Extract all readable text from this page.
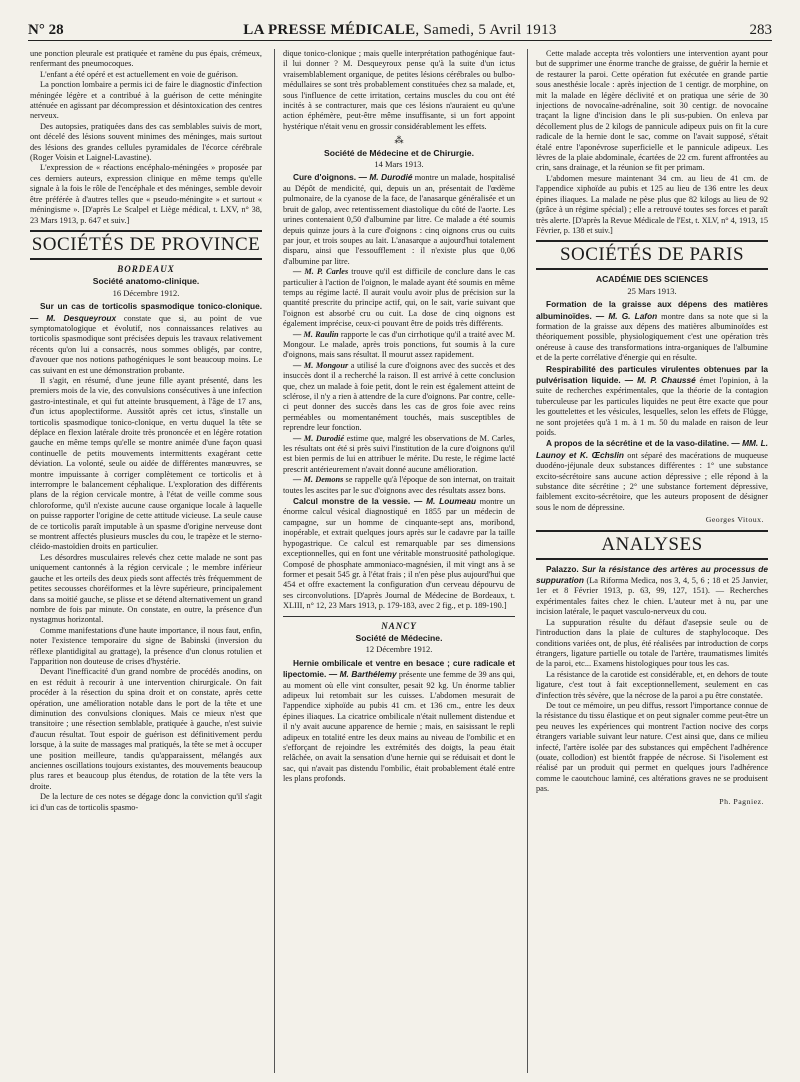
N° 28	LA PRESSE MÉDICALE, Samedi, 5 Avril 1913	283

une ponction pleurale est pratiquée et ramène du pus épais, crémeux, renfermant des pneumocoques.

L'enfant a été opéré et est actuellement en voie de guérison.

La ponction lombaire a permis ici de faire le diagnostic d'infection méningée légère et a contribué à la guérison de cette méningite atténuée en agissant par décompression et désintoxication des centres nerveux.

Des autopsies, pratiquées dans des cas semblables suivis de mort, ont décelé des lésions souvent minimes des méninges, mais surtout des lésions des grandes cellules pyramidales de l'écorce cérébrale (Roger Voisin et Laignel-Lavastine).

L'expression de « réactions encéphalo-méningées » proposée par ces derniers auteurs, expression clinique en même temps qu'elle signale à la fois le rôle de l'encéphale et des méninges, semble devoir être préférée à d'autres telles que « pseudo-méningite » et surtout « méningisme ». [D'après Le Scalpel et Liège médical, t. LXV, n° 38, 23 Mars 1913, p. 647 et suiv.]

SOCIÉTÉS DE PROVINCE
BORDEAUX
Société anatomo-clinique.
16 Décembre 1912.

Sur un cas de torticolis spasmodique tonico-clonique. — M. Desqueyroux constate que si, au point de vue symptomatologique et évolutif, nos connaissances relatives au torticolis spasmodique sont précisées depuis les travaux relativement récents qu'on lui a consacrés, nous sommes obligés, par contre, d'avouer que nos notions pathogéniques le sont beaucoup moins. Le cas suivant en est une démonstration probante.

Il s'agit, en résumé, d'une jeune fille ayant présenté, dans les premiers mois de la vie, des convulsions consécutives à une infection gastro-intestinale, et qui fut atteinte brusquement, à l'âge de 17 ans, d'un ictus apoplectiforme. Aussitôt après cet ictus, s'installe un torticolis spasmodique tonico-clonique, en vertu duquel la tête se déplace en flexion latérale droite très prononcée et en légère rotation gauche en même temps qu'elle se montre animée d'une façon quasi continuelle de petits mouvements intermittents exagérant cette déviation. La volonté, seule ou aidée de différentes manœuvres, se montre impuissante à corriger complètement ce torticolis et à interrompre le balancement céphalique. L'exploration des différents plans de la région cervicale montre, à l'état de veille comme sous chloroforme, qu'il n'existe aucune cause organique locale à laquelle on puisse rapporter l'origine de cette attitude vicieuse. La seule cause de ce torticolis paraît imputable à un spasme d'origine nerveuse dont se montrent affectés plusieurs muscles du cou, le trapèze et le sterno-cléido-mastoïdien droits en particulier.

Les désordres musculaires relevés chez cette malade ne sont pas uniquement cantonnés à la région cervicale ; le membre inférieur gauche et les orteils des deux pieds sont affectés très fréquemment de petites secousses choréiformes et la lèvre supérieure, principalement dans sa moitié gauche, se plisse et se détend alternativement un grand nombre de fois par minute. On constate, en outre, la présence d'un nystagmus horizontal.

Comme manifestations d'une haute importance, il nous faut, enfin, noter l'existence temporaire du signe de Babinski (inversion du réflexe plantidigital au grattage), la présence d'un clonus rotulien et l'apparition non douteuse de crises d'hystérie.

Devant l'inefficacité d'un grand nombre de procédés anodins, on en est réduit à recourir à une intervention chirurgicale. On fait procéder à la résection du spina droit et on constate, après cette opération, une amélioration notable dans le port de la tête et une diminution des convulsions cloniques. Mais ce mieux n'est que transitoire ; une résection semblable, pratiquée à gauche, n'est suivie d'aucun résultat. Tout espoir de guérison est définitivement perdu lorsque, à la suite de massages mal pratiqués, la tête se met à occuper une position meilleure, tandis qu'apparaissent, mélangés aux anciennes oscillations toujours existantes, des mouvements beaucoup plus rares et beaucoup plus étendus, de rotation de la tête vers la droite.

De la lecture de ces notes se dégage donc la conviction qu'il s'agit ici d'un cas de torticolis spasmo-

dique tonico-clonique ; mais quelle interprétation pathogénique faut-il lui donner ? M. Desqueyroux pense qu'à la suite d'un ictus vraisemblablement organique, de petites lésions cérébrales ou bulbo-médullaires se sont très probablement constituées chez sa malade, et, sous l'influence de cette irritation, certains muscles du cou ont été incités à se contracturer, mais que ces lésions n'auraient eu qu'une action éphémère, peut-être même insuffisante, si un fort appoint hystérique n'était venu en grossir considérablement les effets.

⁂
Société de Médecine et de Chirurgie.
14 Mars 1913.

Cure d'oignons. — M. Durodié montre un malade, hospitalisé au Dépôt de mendicité, qui, depuis un an, présentait de l'œdème pulmonaire, de la cyanose de la face, de l'anasarque généralisée et un bruit de galop, avec retentissement diastolique du côté de l'aorte. Les urines contenaient 0,50 d'albumine par litre. Ce malade a été soumis depuis quinze jours à la cure d'oignons : cinq oignons crus ou cuits par jour, et trois soupes au lait. L'anasarque a aujourd'hui totalement disparu, ainsi que l'essoufflement : il n'existe plus que 0,06 d'albumine par litre.

— M. P. Carles trouve qu'il est difficile de conclure dans le cas particulier à l'action de l'oignon, le malade ayant été soumis en même temps au régime lacté. Il aurait voulu avoir plus de précision sur la quantité prescrite du principe actif, qui, on le sait, varie suivant que l'oignon est absorbé cru ou cuit. La dose de cinq oignons est également imprécise, ceux-ci pouvant être de poids très différents.

— M. Raulin rapporte le cas d'un cirrhotique qu'il a traité avec M. Mongour. Le malade, après trois ponctions, fut soumis à la cure d'oignons, mais sans résultat. Il mourut assez rapidement.

— M. Mongour a utilisé la cure d'oignons avec des succès et des insuccès dont il a recherché la raison. Il est arrivé à cette conclusion que, chez un malade à foie petit, dont le rein est également atteint de sclérose, il n'y a rien à attendre de la cure d'oignons. Par contre, celle-ci peut donner des succès dans les cas de gros foie avec reins perméables ou momentanément touchés, mais susceptibles de reprendre leur fonction.

— M. Durodié estime que, malgré les observations de M. Carles, les résultats ont été si près suivi l'institution de la cure d'oignons qu'il est bien permis de lui en attribuer le mérite. Du reste, le régime lacté prescrit antérieurement n'avait donné aucune amélioration.

— M. Demons se rappelle qu'à l'époque de son internat, on traitait toutes les ascites par le suc d'oignons avec des résultats assez bons.

Calcul monstre de la vessie. — M. Loumeau montre un énorme calcul vésical diagnostiqué en 1855 par un médecin de campagne, sur un homme de cinquante-sept ans, moribond, inopérable, et extrait quelques jours après sur le cadavre par la taille hypogastrique. Ce calcul est remarquable par ses dimensions exceptionnelles, qui en font une véritable monstruosité pathologique. Composé de phosphate ammoniaco-magnésien, il mit vingt ans à se former et pesait 545 gr. à l'état frais ; il n'en pèse plus aujourd'hui que 454 et offre exactement la configuration d'un cerveau dépourvu de ses circonvolutions. [D'après Journal de Médecine de Bordeaux, t. XLIII, n° 12, 23 Mars 1913, p. 179-183, avec 2 fig., et p. 189-190.]

NANCY
Société de Médecine.
12 Décembre 1912.

Hernie ombilicale et ventre en besace ; cure radicale et lipectomie. — M. Barthélemy présente une femme de 39 ans qui, au moment où elle vint consulter, pesait 92 kg. Un énorme tablier adipeux lui retombait sur les cuisses. L'abdomen mesurait de l'appendice xiphoïde au pubis 41 cm. et 136 cm., entre les deux épines iliaques. La cicatrice ombilicale n'était nullement distendue et il n'y avait aucune apparence de hernie ; mais, en saisissant le repli adipeux en totalité entre les deux mains au niveau de l'ombilic et en s'efforçant de rejoindre les extrémités des doigts, la peau était relâchée, on avait la sensation d'une hernie qui se réduisait et dont le sac, qui n'avait pas distendu l'ombilic, était probablement étalé entre les plans profonds.

Cette malade accepta très volontiers une intervention ayant pour but de supprimer une énorme tranche de graisse, de guérir la hernie et de restaurer la paroi. Cette opération fut exécutée en grande partie sous anesthésie locale : après injection de 1 centigr. de morphine, on mit la malade en légère déclivité et on pratiqua une série de 30 injections de novocaïne-adrénaline, soit 30 centigr. de novocaïne traçant la ligne d'incision dans le pli sus-pubien. On enleva par décollement plus de 2 kilogs de pannicule adipeux puis on fit la cure radicale de la hernie dont le sac, comme on l'avait supposé, s'était étalé entre l'aponévrose superficielle et le pannicule adipeux. Les lèvres de la plaie abdominale, écartées de 22 cm. furent affrontées au crin, sans drainage, et la réunion se fit per primam.

L'abdomen mesure maintenant 34 cm. au lieu de 41 cm. de l'appendice xiphoïde au pubis et 125 au lieu de 136 entre les deux épines iliaques. La malade ne pèse plus que 82 kilogs au lieu de 92 (grâce à un régime spécial) ; elle a retrouvé toutes ses forces et paraît très alerte. [D'après la Revue Médicale de l'Est, t. XLV, n° 4, 1913, 15 Février, p. 138 et suiv.]

SOCIÉTÉS DE PARIS
ACADÉMIE DES SCIENCES
25 Mars 1913.

Formation de la graisse aux dépens des matières albuminoïdes. — M. G. Lafon montre dans sa note que si la formation de la graisse aux dépens des matières albuminoïdes est théoriquement possible, physiologiquement c'est une opération très onéreuse à cause des transformations intra-organiques de l'albumine et de la perte corrélative d'énergie qui en résulte.

Respirabilité des particules virulentes obtenues par la pulvérisation liquide. — M. P. Chaussé émet l'opinion, à la suite de recherches expérimentales, que la théorie de la contagion tuberculeuse par les particules liquides ne peut être exacte que pour les gouttelettes et les vésicules, lesquelles, selon les effets de Flügge, ne sont projetées qu'à 1 m. à 1 m. 50 du malade en raison de leur poids.

A propos de la sécrétine et de la vaso-dilatine. — MM. L. Launoy et K. Œchslin ont séparé des macérations de muqueuse duodéno-jéjunale deux substances différentes : 1° une substance excito-sécrétoire sans aucune action dépressive ; elle répond à la substance dite sécrétine ; 2° une substance fortement dépressive, faiblement excito-sécrétoire, que les auteurs proposent de désigner sous le nom de dépressine.

Georges Vitoux.
ANALYSES

Palazzo. Sur la résistance des artères au processus de suppuration (La Riforma Medica, nos 3, 4, 5, 6 ; 18 et 25 Janvier, 1er et 8 Février 1913, p. 63, 99, 127, 151). — Recherches expérimentales faites chez le chien. L'auteur met à nu, par une incision latérale, le paquet vasculo-nerveux du cou.

La suppuration résulte du défaut d'asepsie seule ou de l'introduction dans la plaie de cultures de staphylocoque. Des conditions variées ont, de plus, été réalisées par introduction de corps étrangers, ligature partielle ou totale de l'artère, traumatismes limités de la paroi, etc... Examens histologiques pour tous les cas.

La résistance de la carotide est considérable, et, en dehors de toute ligature, c'est tout à fait exceptionnellement, seulement en cas d'infection très sévère, que la nécrose de la paroi a pu être constatée.

De tout ce mémoire, un peu diffus, ressort l'importance connue de la résistance du tissu élastique et on peut signaler comme peut-être un peu neuves les expériences qui montrent l'action nocive des corps étrangers variable suivant leur nature. C'est ainsi que, dans ce milieu infecté, l'artère isolée par des substances qui empêchent l'adhérence (ouate, collodion) est bientôt frappée de nécrose. Si l'isolement est réalisé par un produit qui permet en quelques jours l'adhérence comme le caoutchouc laminé, ces altérations graves ne se produisent pas.

Ph. Pagniez.
